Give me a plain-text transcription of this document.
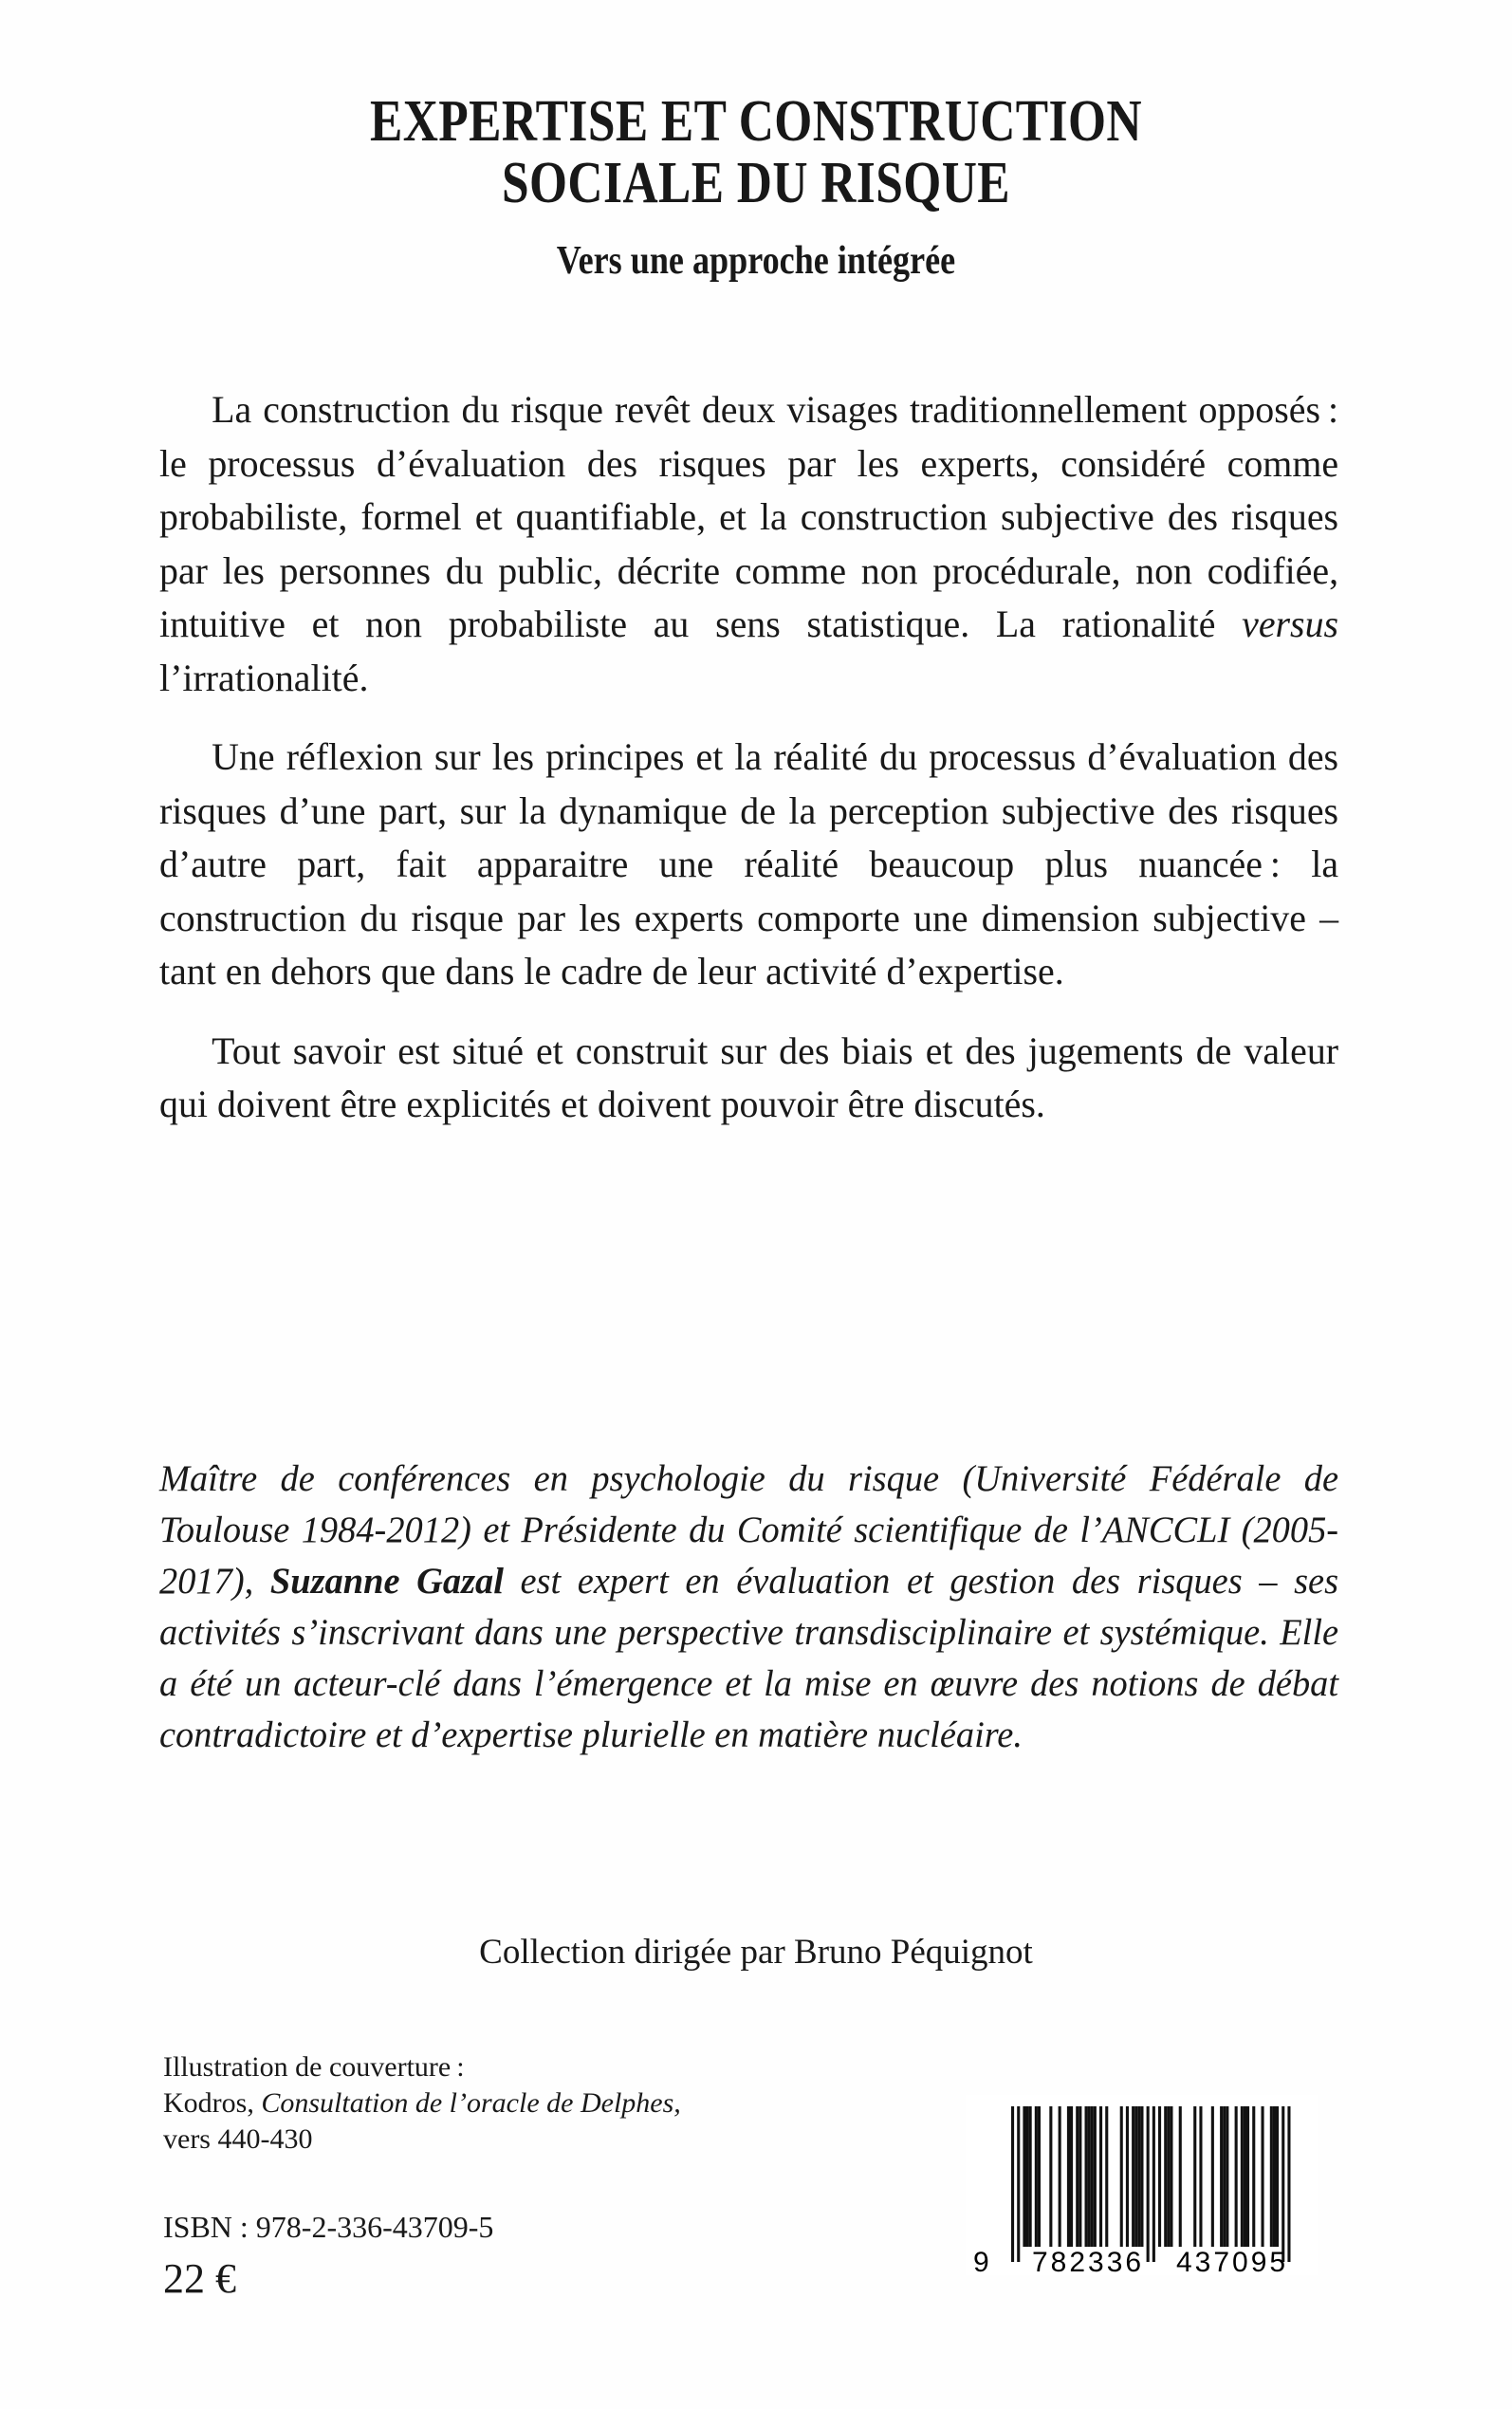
EXPERTISE ET CONSTRUCTION
SOCIALE DU RISQUE
Vers une approche intégrée

La construction du risque revêt deux visages traditionnellement opposés : le processus d’évaluation des risques par les experts, considéré comme probabiliste, formel et quantifiable, et la construction subjective des risques par les personnes du public, décrite comme non procédurale, non codifiée, intuitive et non probabiliste au sens statistique. La rationalité versus l’irrationalité.

Une réflexion sur les principes et la réalité du processus d’évaluation des risques d’une part, sur la dynamique de la perception subjective des risques d’autre part, fait apparaitre une réalité beaucoup plus nuancée : la construction du risque par les experts comporte une dimension subjective – tant en dehors que dans le cadre de leur activité d’expertise.

Tout savoir est situé et construit sur des biais et des jugements de valeur qui doivent être explicités et doivent pouvoir être discutés.

Maître de conférences en psychologie du risque (Université Fédérale de Toulouse 1984-2012) et Présidente du Comité scientifique de l’ANCCLI (2005-2017), Suzanne Gazal est expert en évaluation et gestion des risques – ses activités s’inscrivant dans une perspective transdisciplinaire et systémique. Elle a été un acteur-clé dans l’émergence et la mise en œuvre des notions de débat contradictoire et d’expertise plurielle en matière nucléaire.
Collection dirigée par Bruno Péquignot
Illustration de couverture :
Kodros, Consultation de l’oracle de Delphes,
vers 440-430
ISBN : 978-2-336-43709-5
22 €	9 782336 437095
